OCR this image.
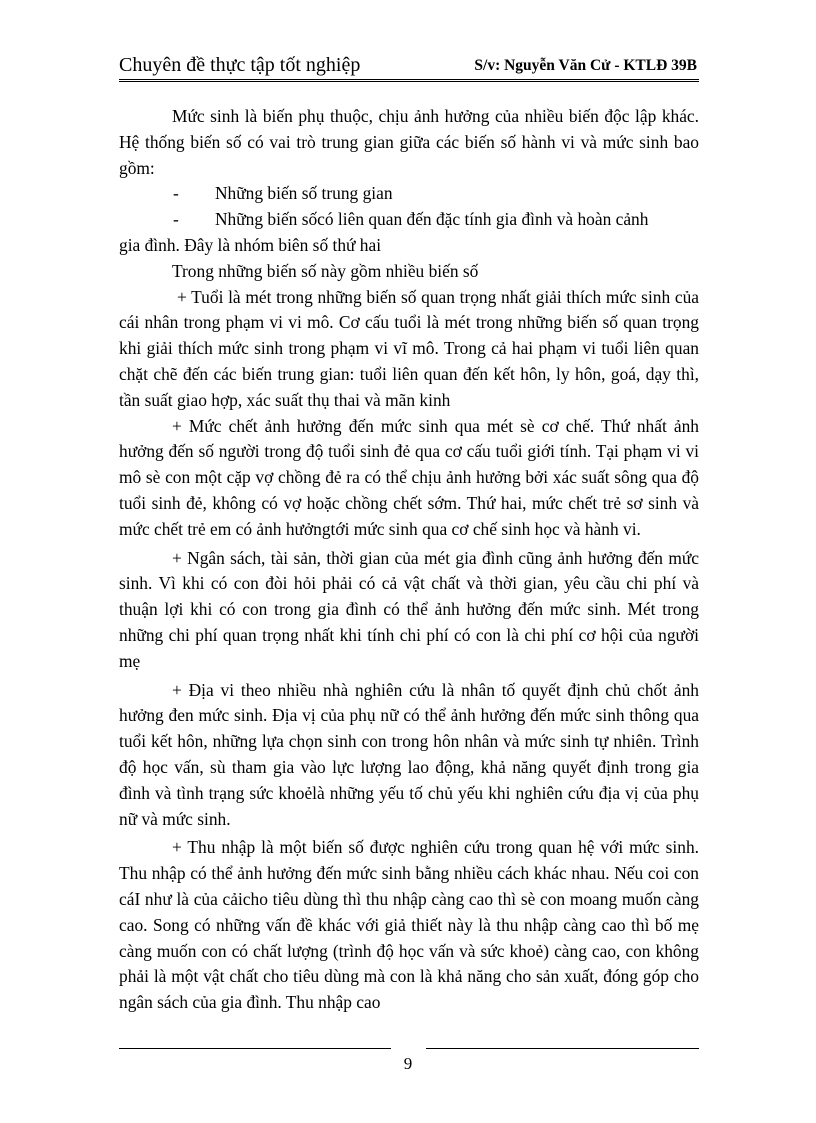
Chuyên đề thực tập tốt nghiệp	S/v: Nguyễn Văn Cử - KTLĐ 39B

Mức sinh là biến phụ thuộc, chịu ảnh hưởng của nhiều biến độc lập khác. Hệ thống biến số có vai trò trung gian giữa các biến số hành vi và mức sinh bao gồm:

- Những biến số trung gian
- Những biến sốcó liên quan đến đặc tính gia đình và hoàn cảnh
gia đình. Đây là nhóm biên số thứ hai

Trong những biến số này gồm nhiều biến số

+ Tuổi là mét trong những biến số quan trọng nhất giải thích mức sinh của cái nhân trong phạm vi vi mô. Cơ cấu tuổi là mét trong những biến số quan trọng khi giải thích mức sinh trong phạm vi vĩ mô. Trong cả hai phạm vi tuổi liên quan chặt chẽ đến các biến trung gian: tuổi liên quan đến kết hôn, ly hôn, goá, dạy thì, tần suất giao hợp, xác suất thụ thai và mãn kinh

+ Mức chết ảnh hưởng đến mức sinh qua mét sè cơ chế. Thứ nhất ảnh hưởng đến số người trong độ tuổi sinh đẻ qua cơ cấu tuổi giới tính. Tại phạm vi vi mô sè con một cặp vợ chồng đẻ ra có thể chịu ảnh hưởng bởi xác suất sông qua độ tuổi sinh đẻ, không có vợ hoặc chồng chết sớm. Thứ hai, mức chết trẻ sơ sinh và mức chết trẻ em có ảnh hưởngtới mức sinh qua cơ chế sinh học và hành vi.

+ Ngân sách, tài sản, thời gian của mét gia đình cũng ảnh hưởng đến mức sinh. Vì khi có con đòi hỏi phải có cả vật chất và thời gian, yêu cầu chi phí và thuận lợi khi có con trong gia đình có thể ảnh hưởng đến mức sinh. Mét trong những chi phí quan trọng nhất khi tính chi phí có con là chi phí cơ hội của người mẹ

+ Địa vi theo nhiều nhà nghiên cứu là nhân tố quyết định chủ chốt ảnh hưởng đen mức sinh. Địa vị của phụ nữ có thể ảnh hưởng đến mức sinh thông qua tuổi kết hôn, những lựa chọn sinh con trong hôn nhân và mức sinh tự nhiên. Trình độ học vấn, sù tham gia vào lực lượng lao động, khả năng quyết định trong gia đình và tình trạng sức khoẻlà những yếu tố chủ yếu khi nghiên cứu địa vị của phụ nữ và mức sinh.

+ Thu nhập là một biến số được nghiên cứu trong quan hệ với mức sinh. Thu nhập có thể ảnh hưởng đến mức sinh bằng nhiều cách khác nhau. Nếu coi con cáI như là của cảicho tiêu dùng thì thu nhập càng cao thì sè con moang muốn càng cao. Song có những vấn đề khác với giả thiết này là thu nhập càng cao thì bố mẹ càng muốn con có chất lượng (trình độ học vấn và sức khoẻ) càng cao, con không phải là một vật chất cho tiêu dùng mà con là khả năng cho sản xuất, đóng góp cho ngân sách của gia đình. Thu nhập cao

9
